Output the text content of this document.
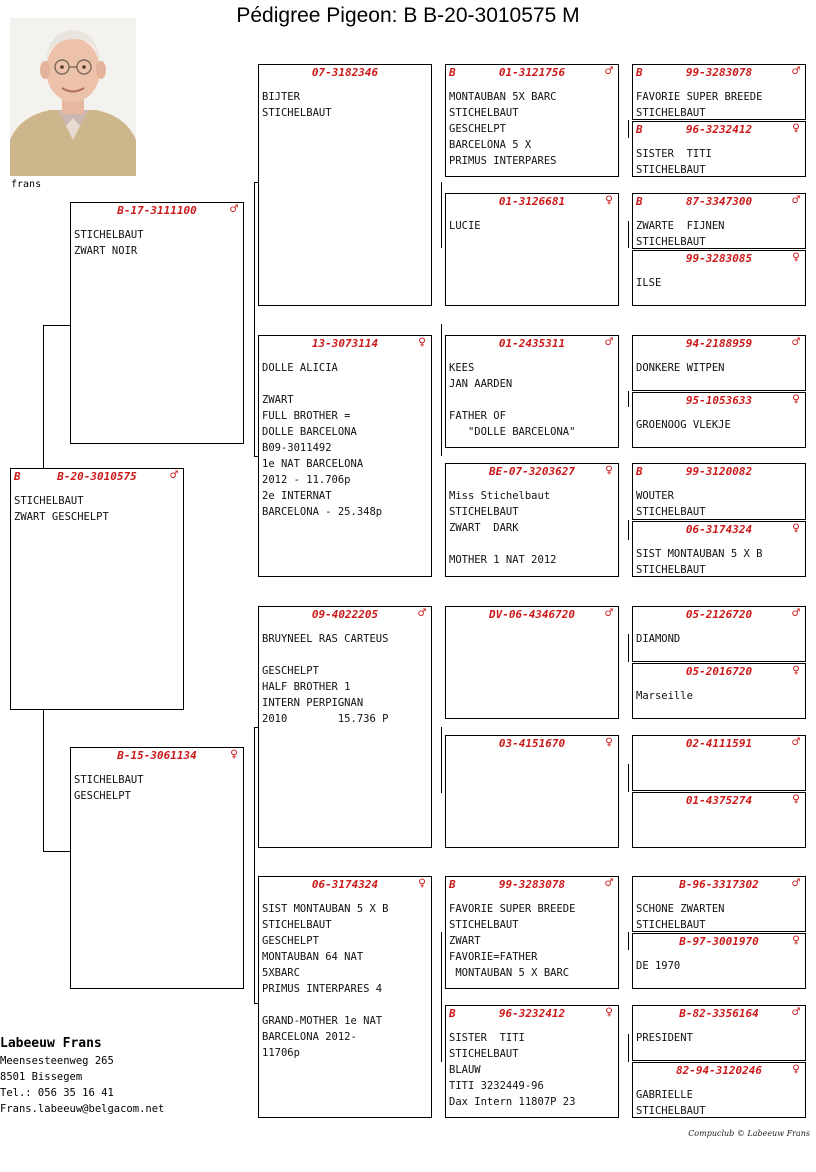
Pédigree Pigeon: B B-20-3010575 M
frans
B	B-20-3010575	♂
STICHELBAUT
ZWART GESCHELPT
B-17-3111100	♂
STICHELBAUT
ZWART NOIR
B-15-3061134	♀
STICHELBAUT
GESCHELPT
07-3182346
BIJTER
STICHELBAUT
13-3073114	♀
DOLLE ALICIA

ZWART
FULL BROTHER =
DOLLE BARCELONA
B09-3011492
1e NAT BARCELONA
2012 - 11.706p
2e INTERNAT
BARCELONA - 25.348p
09-4022205	♂
BRUYNEEL RAS CARTEUS

GESCHELPT
HALF BROTHER 1
INTERN PERPIGNAN
2010        15.736 P
06-3174324	♀
SIST MONTAUBAN 5 X B
STICHELBAUT
GESCHELPT
MONTAUBAN 64 NAT
5XBARC
PRIMUS INTERPARES 4

GRAND-MOTHER 1e NAT
BARCELONA 2012-
11706p
B	01-3121756	♂
MONTAUBAN 5X BARC
STICHELBAUT
GESCHELPT
BARCELONA 5 X
PRIMUS INTERPARES
01-3126681	♀
LUCIE
01-2435311	♂
KEES
JAN AARDEN

FATHER OF
"DOLLE BARCELONA"
BE-07-3203627	♀
Miss Stichelbaut
STICHELBAUT
ZWART  DARK

MOTHER 1 NAT 2012
DV-06-4346720	♂
03-4151670	♀
B	99-3283078	♂
FAVORIE SUPER BREEDE
STICHELBAUT
ZWART
FAVORIE=FATHER
MONTAUBAN 5 X BARC
B	96-3232412	♀
SISTER  TITI
STICHELBAUT
BLAUW
TITI 3232449-96
Dax Intern 11807P 23
B	99-3283078	♂
FAVORIE SUPER BREEDE
STICHELBAUT
B	96-3232412	♀
SISTER  TITI
STICHELBAUT
B	87-3347300	♂
ZWARTE  FIJNEN
STICHELBAUT
99-3283085	♀
ILSE
94-2188959	♂
DONKERE WITPEN
95-1053633	♀
GROENOOG VLEKJE
B	99-3120082
WOUTER
STICHELBAUT
06-3174324	♀
SIST MONTAUBAN 5 X B
STICHELBAUT
05-2126720	♂
DIAMOND
05-2016720	♀
Marseille
02-4111591	♂
01-4375274	♀
B-96-3317302	♂
SCHONE ZWARTEN
STICHELBAUT
B-97-3001970	♀
DE 1970
B-82-3356164	♂
PRESIDENT
82-94-3120246	♀
GABRIELLE
STICHELBAUT
Labeeuw Frans
Meensesteenweg 265
8501 Bissegem
Tel.: 056 35 16 41
Frans.labeeuw@belgacom.net
Compuclub © Labeeuw Frans
